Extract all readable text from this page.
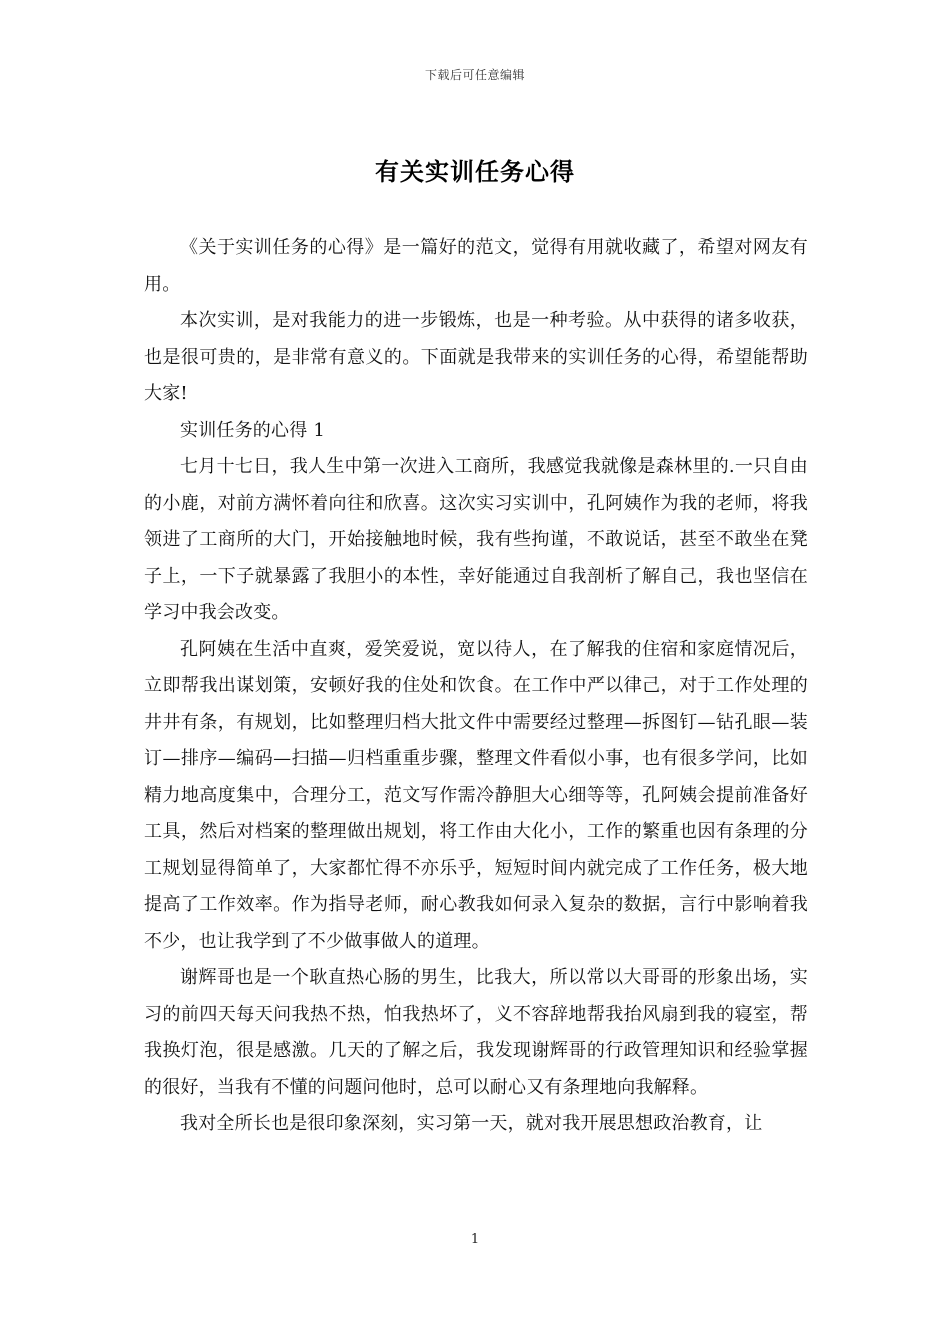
下载后可任意编辑
有关实训任务心得

《关于实训任务的心得》是一篇好的范文，觉得有用就收藏了，希望对网友有用。

本次实训，是对我能力的进一步锻炼，也是一种考验。从中获得的诸多收获，也是很可贵的，是非常有意义的。下面就是我带来的实训任务的心得，希望能帮助大家!

实训任务的心得 1

七月十七日，我人生中第一次进入工商所，我感觉我就像是森林里的.一只自由的小鹿，对前方满怀着向往和欣喜。这次实习实训中，孔阿姨作为我的老师，将我领进了工商所的大门，开始接触地时候，我有些拘谨，不敢说话，甚至不敢坐在凳子上，一下子就暴露了我胆小的本性，幸好能通过自我剖析了解自己，我也坚信在学习中我会改变。

孔阿姨在生活中直爽，爱笑爱说，宽以待人，在了解我的住宿和家庭情况后，立即帮我出谋划策，安顿好我的住处和饮食。在工作中严以律己，对于工作处理的井井有条，有规划，比如整理归档大批文件中需要经过整理—拆图钉—钻孔眼—装订—排序—编码—扫描—归档重重步骤，整理文件看似小事，也有很多学问，比如精力地高度集中，合理分工，范文写作需冷静胆大心细等等，孔阿姨会提前准备好工具，然后对档案的整理做出规划，将工作由大化小，工作的繁重也因有条理的分工规划显得简单了，大家都忙得不亦乐乎，短短时间内就完成了工作任务，极大地提高了工作效率。作为指导老师，耐心教我如何录入复杂的数据，言行中影响着我不少，也让我学到了不少做事做人的道理。

谢辉哥也是一个耿直热心肠的男生，比我大，所以常以大哥哥的形象出场，实习的前四天每天问我热不热，怕我热坏了，义不容辞地帮我抬风扇到我的寝室，帮我换灯泡，很是感激。几天的了解之后，我发现谢辉哥的行政管理知识和经验掌握的很好，当我有不懂的问题问他时，总可以耐心又有条理地向我解释。

我对全所长也是很印象深刻，实习第一天，就对我开展思想政治教育，让

1
